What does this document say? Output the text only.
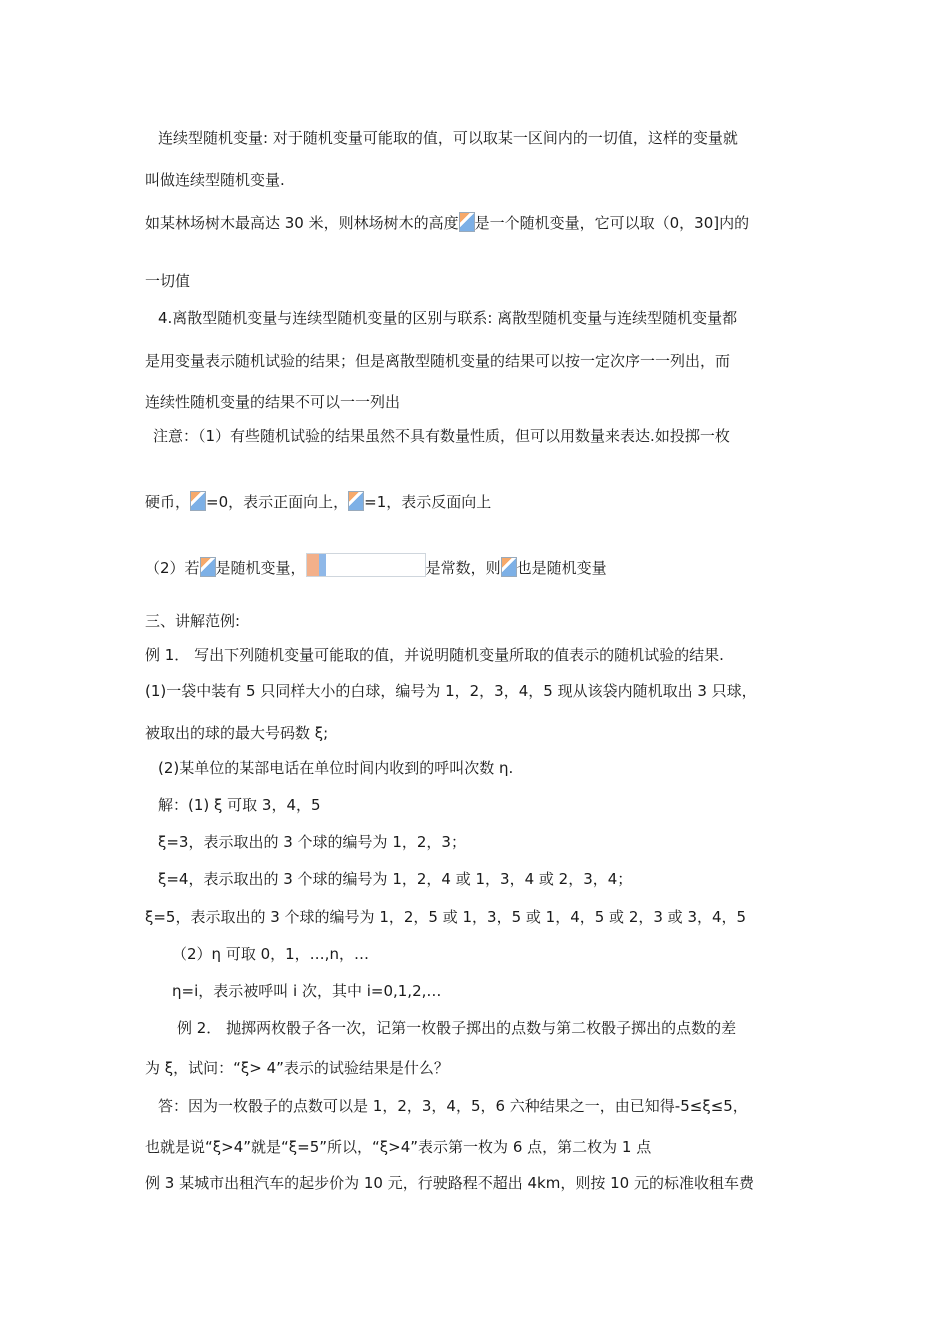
连续型随机变量: 对于随机变量可能取的值，可以取某一区间内的一切值，这样的变量就
叫做连续型随机变量.
如某林场树木最高达 30 米，则林场树木的高度 是一个随机变量，它可以取（0，30]内的
一切值
4.离散型随机变量与连续型随机变量的区别与联系: 离散型随机变量与连续型随机变量都
是用变量表示随机试验的结果；但是离散型随机变量的结果可以按一定次序一一列出，而
连续性随机变量的结果不可以一一列出
注意：（1）有些随机试验的结果虽然不具有数量性质，但可以用数量来表达.如投掷一枚
硬币， =0，表示正面向上， =1，表示反面向上
（2）若 是随机变量，	是常数，则 也是随机变量
三、讲解范例:
例 1． 写出下列随机变量可能取的值，并说明随机变量所取的值表示的随机试验的结果.
(1)一袋中装有 5 只同样大小的白球，编号为 1，2，3，4，5 现从该袋内随机取出 3 只球，
被取出的球的最大号码数 ξ;
(2)某单位的某部电话在单位时间内收到的呼叫次数 η.
解：(1) ξ 可取 3，4，5
ξ=3，表示取出的 3 个球的编号为 1，2，3；
ξ=4，表示取出的 3 个球的编号为 1，2，4 或 1，3，4 或 2，3，4；
ξ=5，表示取出的 3 个球的编号为 1，2，5 或 1，3，5 或 1，4，5 或 2，3 或 3，4，5
（2）η 可取 0，1，…,n，…
η=i，表示被呼叫 i 次，其中 i=0,1,2,…
例 2． 抛掷两枚骰子各一次，记第一枚骰子掷出的点数与第二枚骰子掷出的点数的差
为 ξ，试问：“ξ> 4”表示的试验结果是什么？
答：因为一枚骰子的点数可以是 1，2，3，4，5，6 六种结果之一，由已知得-5≤ξ≤5，
也就是说“ξ>4”就是“ξ=5”所以，“ξ>4”表示第一枚为 6 点，第二枚为 1 点
例 3 某城市出租汽车的起步价为 10 元，行驶路程不超出 4km，则按 10 元的标准收租车费
